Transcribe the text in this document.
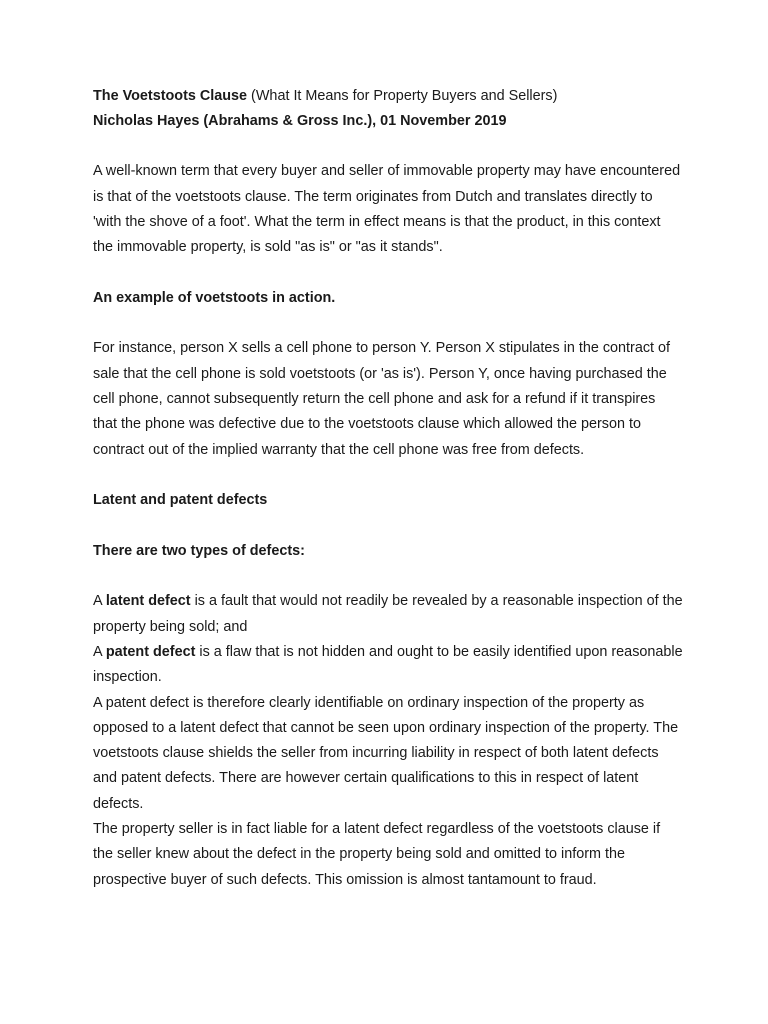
The Voetstoots Clause (What It Means for Property Buyers and Sellers)

Nicholas Hayes (Abrahams & Gross Inc.), 01 November 2019

A well-known term that every buyer and seller of immovable property may have encountered is that of the voetstoots clause. The term originates from Dutch and translates directly to 'with the shove of a foot'. What the term in effect means is that the product, in this context the immovable property, is sold "as is" or "as it stands".

An example of voetstoots in action.

For instance, person X sells a cell phone to person Y. Person X stipulates in the contract of sale that the cell phone is sold voetstoots (or 'as is'). Person Y, once having purchased the cell phone, cannot subsequently return the cell phone and ask for a refund if it transpires that the phone was defective due to the voetstoots clause which allowed the person to contract out of the implied warranty that the cell phone was free from defects.

Latent and patent defects

There are two types of defects:

A latent defect is a fault that would not readily be revealed by a reasonable inspection of the property being sold; and

A patent defect is a flaw that is not hidden and ought to be easily identified upon reasonable inspection.

A patent defect is therefore clearly identifiable on ordinary inspection of the property as opposed to a latent defect that cannot be seen upon ordinary inspection of the property. The voetstoots clause shields the seller from incurring liability in respect of both latent defects and patent defects. There are however certain qualifications to this in respect of latent defects.

The property seller is in fact liable for a latent defect regardless of the voetstoots clause if the seller knew about the defect in the property being sold and omitted to inform the prospective buyer of such defects. This omission is almost tantamount to fraud.
